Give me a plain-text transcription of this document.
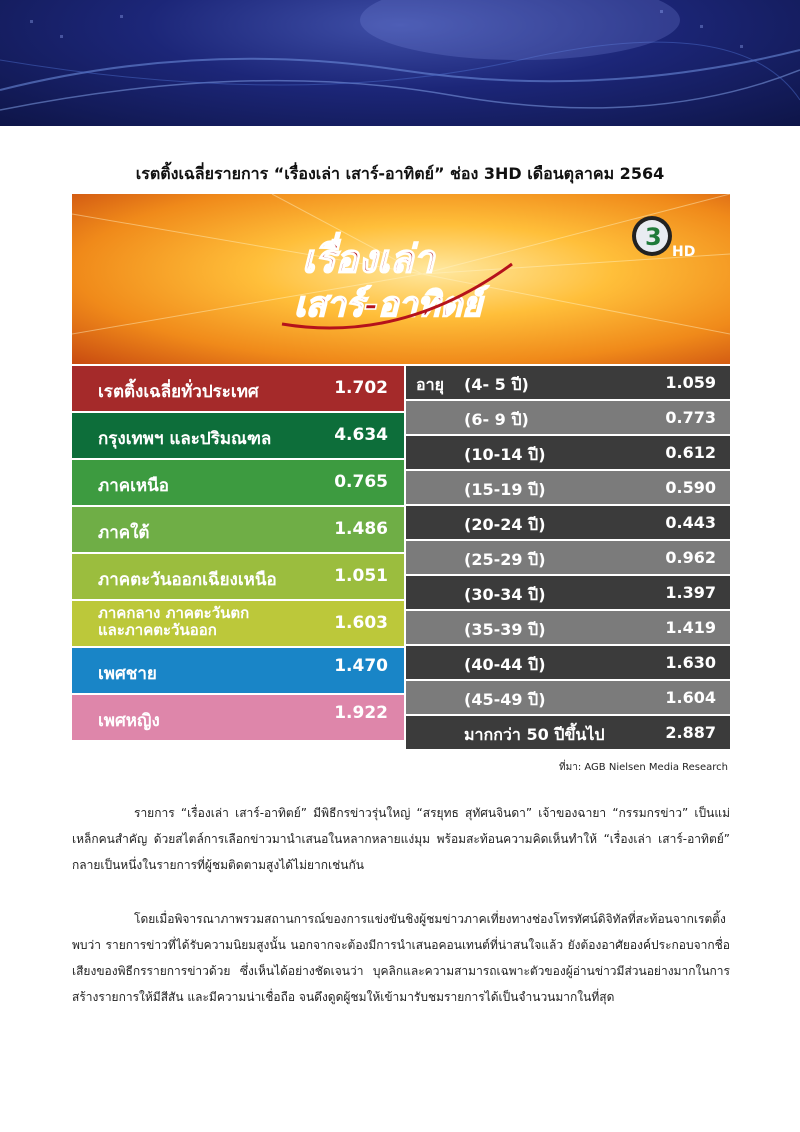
เรตติ้งเฉลี่ยรายการ “เรื่องเล่า เสาร์-อาทิตย์” ช่อง 3HD เดือนตุลาคม 2564
เรื่องเล่า
เสาร์-อาทิตย์
3
HD
เรตติ้งเฉลี่ยทั่วประเทศ	1.702
กรุงเทพฯ และปริมณฑล	4.634
ภาคเหนือ	0.765
ภาคใต้	1.486
ภาคตะวันออกเฉียงเหนือ	1.051
ภาคกลาง ภาคตะวันตก
และภาคตะวันออก	1.603
เพศชาย	1.470
เพศหญิง	1.922
อายุ (4- 5 ปี)	1.059
(6- 9 ปี)	0.773
(10-14 ปี)	0.612
(15-19 ปี)	0.590
(20-24 ปี)	0.443
(25-29 ปี)	0.962
(30-34 ปี)	1.397
(35-39 ปี)	1.419
(40-44 ปี)	1.630
(45-49 ปี)	1.604
มากกว่า 50 ปีขึ้นไป	2.887
ที่มา: AGB Nielsen Media Research

รายการ “เรื่องเล่า เสาร์-อาทิตย์” มีพิธีกรข่าวรุ่นใหญ่ “สรยุทธ สุทัศนจินดา” เจ้าของฉายา “กรรมกรข่าว” เป็นแม่เหล็กคนสำคัญ ด้วยสไตล์การเลือกข่าวมานำเสนอในหลากหลายแง่มุม พร้อมสะท้อนความคิดเห็นทำให้ “เรื่องเล่า เสาร์-อาทิตย์” กลายเป็นหนึ่งในรายการที่ผู้ชมติดตามสูงได้ไม่ยากเช่นกัน

โดยเมื่อพิจารณาภาพรวมสถานการณ์ของการแข่งขันชิงผู้ชมข่าวภาคเที่ยงทางช่องโทรทัศน์ดิจิทัลที่สะท้อนจากเรตติ้งพบว่า รายการข่าวที่ได้รับความนิยมสูงนั้น นอกจากจะต้องมีการนำเสนอคอนเทนต์ที่น่าสนใจแล้ว ยังต้องอาศัยองค์ประกอบจากชื่อเสียงของพิธีกรรายการข่าวด้วย ซึ่งเห็นได้อย่างชัดเจนว่า บุคลิกและความสามารถเฉพาะตัวของผู้อ่านข่าวมีส่วนอย่างมากในการสร้างรายการให้มีสีสัน และมีความน่าเชื่อถือ จนดึงดูดผู้ชมให้เข้ามารับชมรายการได้เป็นจำนวนมากในที่สุด
